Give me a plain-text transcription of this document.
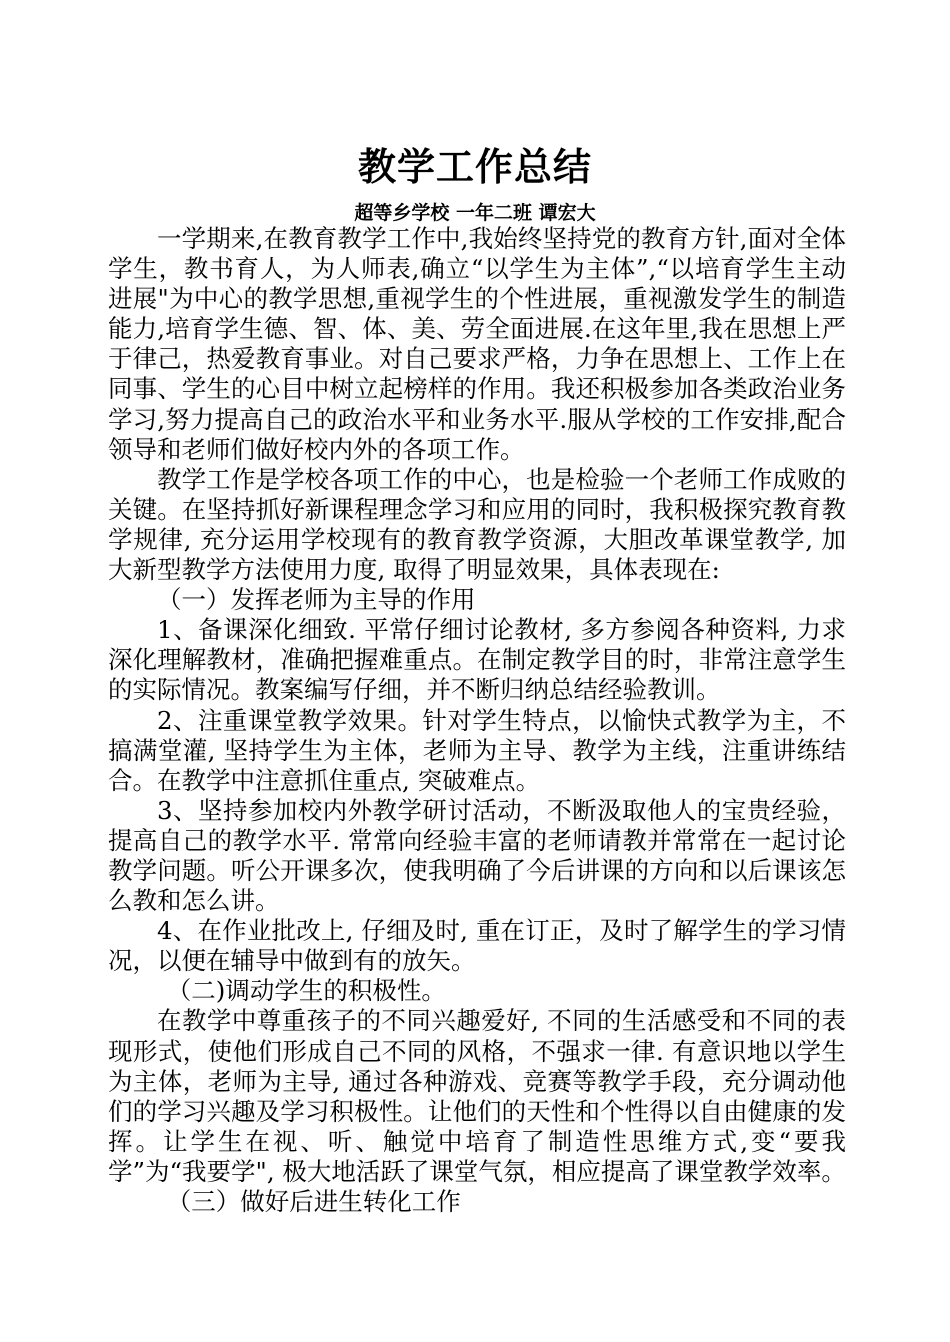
教学工作总结
超等乡学校 一年二班 谭宏大

一学期来,在教育教学工作中,我始终坚持党的教育方针,面对全体学生，教书育人，为人师表,确立“以学生为主体”,“以培育学生主动进展"为中心的教学思想,重视学生的个性进展，重视激发学生的制造能力,培育学生德、智、体、美、劳全面进展.在这年里,我在思想上严于律己，热爱教育事业。对自己要求严格，力争在思想上、工作上在同事、学生的心目中树立起榜样的作用。我还积极参加各类政治业务学习,努力提高自己的政治水平和业务水平.服从学校的工作安排,配合领导和老师们做好校内外的各项工作。

教学工作是学校各项工作的中心，也是检验一个老师工作成败的关键。在坚持抓好新课程理念学习和应用的同时，我积极探究教育教学规律, 充分运用学校现有的教育教学资源，大胆改革课堂教学, 加大新型教学方法使用力度, 取得了明显效果，具体表现在:

（一）发挥老师为主导的作用

1、备课深化细致. 平常仔细讨论教材, 多方参阅各种资料, 力求深化理解教材，准确把握难重点。在制定教学目的时，非常注意学生的实际情况。教案编写仔细，并不断归纳总结经验教训。

2、注重课堂教学效果。针对学生特点，以愉快式教学为主，不搞满堂灌, 坚持学生为主体，老师为主导、教学为主线，注重讲练结合。在教学中注意抓住重点, 突破难点。

3、坚持参加校内外教学研讨活动，不断汲取他人的宝贵经验，提高自己的教学水平. 常常向经验丰富的老师请教并常常在一起讨论教学问题。听公开课多次，使我明确了今后讲课的方向和以后课该怎么教和怎么讲。

4、在作业批改上, 仔细及时, 重在订正，及时了解学生的学习情况，以便在辅导中做到有的放矢。

（二)调动学生的积极性。

在教学中尊重孩子的不同兴趣爱好, 不同的生活感受和不同的表现形式，使他们形成自己不同的风格，不强求一律. 有意识地以学生为主体，老师为主导, 通过各种游戏、竞赛等教学手段，充分调动他们的学习兴趣及学习积极性。让他们的天性和个性得以自由健康的发挥。让学生在视、听、触觉中培育了制造性思维方式,变“要我学”为“我要学", 极大地活跃了课堂气氛，相应提高了课堂教学效率。

（三）做好后进生转化工作
